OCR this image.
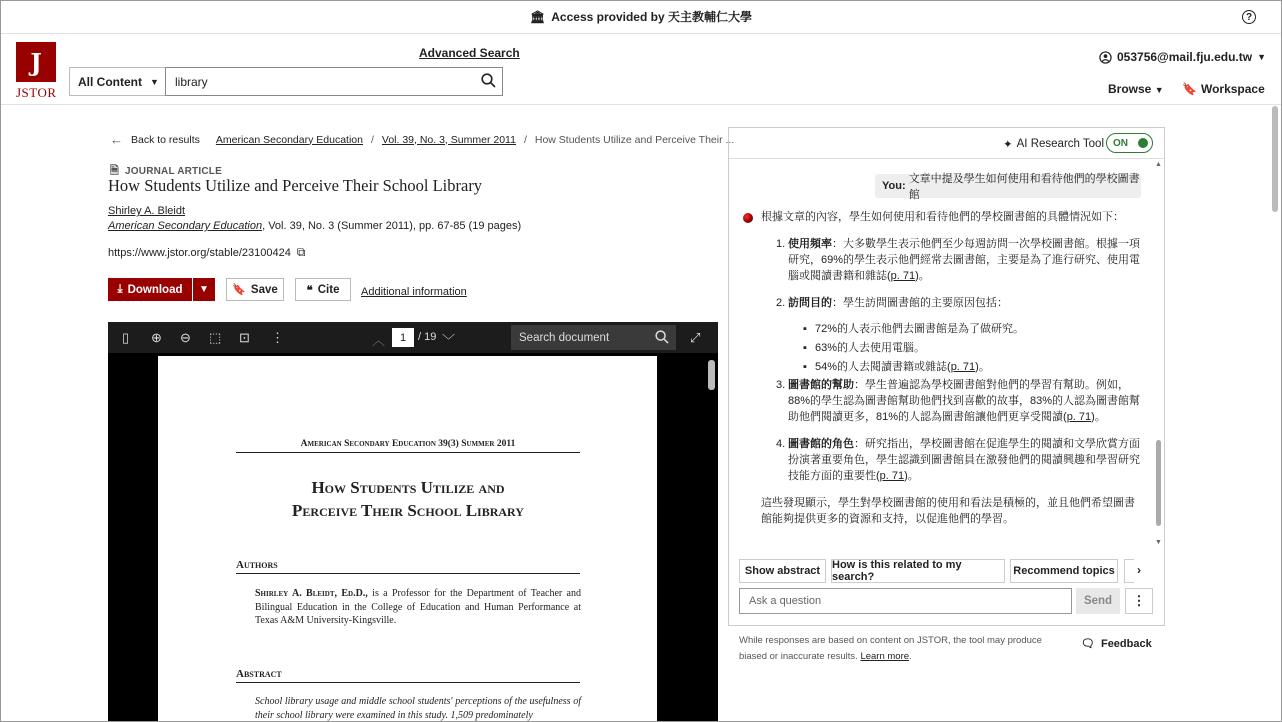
🏛 Access provided by 天主教輔仁大學	?
J
JSTOR
Advanced Search
All Content ▼	library
053756@mail.fju.edu.tw ▼
Browse ▼ 🔖 Workspace
← Back to results American Secondary Education / Vol. 39, No. 3, Summer 2011 / How Students Utilize and Perceive Their ...
🗎 JOURNAL ARTICLE
How Students Utilize and Perceive Their School Library
Shirley A. Bleidt
American Secondary Education, Vol. 39, No. 3 (Summer 2011), pp. 67-85 (19 pages)
https://www.jstor.org/stable/23100424 ⧉
⤓ Download ▼ 🔖 Save	❝ Cite Additional information
▯ ⊕ ⊖ ⬚ ⊡ ⋮	︿	1	/ 19 ﹀	Search document	⤢
American Secondary Education 39(3) Summer 2011
How Students Utilize and
Perceive Their School Library
Authors
Shirley A. Bleidt, Ed.D., is a Professor for the Department of Teacher and Bilingual Education in the College of Education and Human Performance at Texas A&M University-Kingsville.
Abstract
School library usage and middle school students' perceptions of the usefulness of their school library were examined in this study. 1,509 predominately
✦ AI Research Tool ON
▲
▼
You:

文章中提及學生如何使用和看待他們的學校圖書館
根據文章的內容，學生如何使用和看待他們的學校圖書館的具體情況如下：
1. 使用頻率：大多數學生表示他們至少每週訪問一次學校圖書館。根據一項研究，69%的學生表示他們經常去圖書館，主要是為了進行研究、使用電腦或閱讀書籍和雜誌(p. 71)。
2. 訪問目的：學生訪問圖書館的主要原因包括：
▪ 72%的人表示他們去圖書館是為了做研究。
▪ 63%的人去使用電腦。
▪ 54%的人去閱讀書籍或雜誌(p. 71)。
3. 圖書館的幫助：學生普遍認為學校圖書館對他們的學習有幫助。例如，88%的學生認為圖書館幫助他們找到喜歡的故事，83%的人認為圖書館幫助他們閱讀更多，81%的人認為圖書館讓他們更享受閱讀(p. 71)。
4. 圖書館的角色：研究指出，學校圖書館在促進學生的閱讀和文學欣賞方面扮演著重要角色，學生認識到圖書館員在激發他們的閱讀興趣和學習研究技能方面的重要性(p. 71)。
這些發現顯示，學生對學校圖書館的使用和看法是積極的，並且他們希望圖書館能夠提供更多的資源和支持，以促進他們的學習。
Show abstract	How is this related to my search?	Recommend topics ›
Ask a question	Send	⋮
While responses are based on content on JSTOR, the tool may produce biased or inaccurate results. Learn more.
🗨 Feedback
